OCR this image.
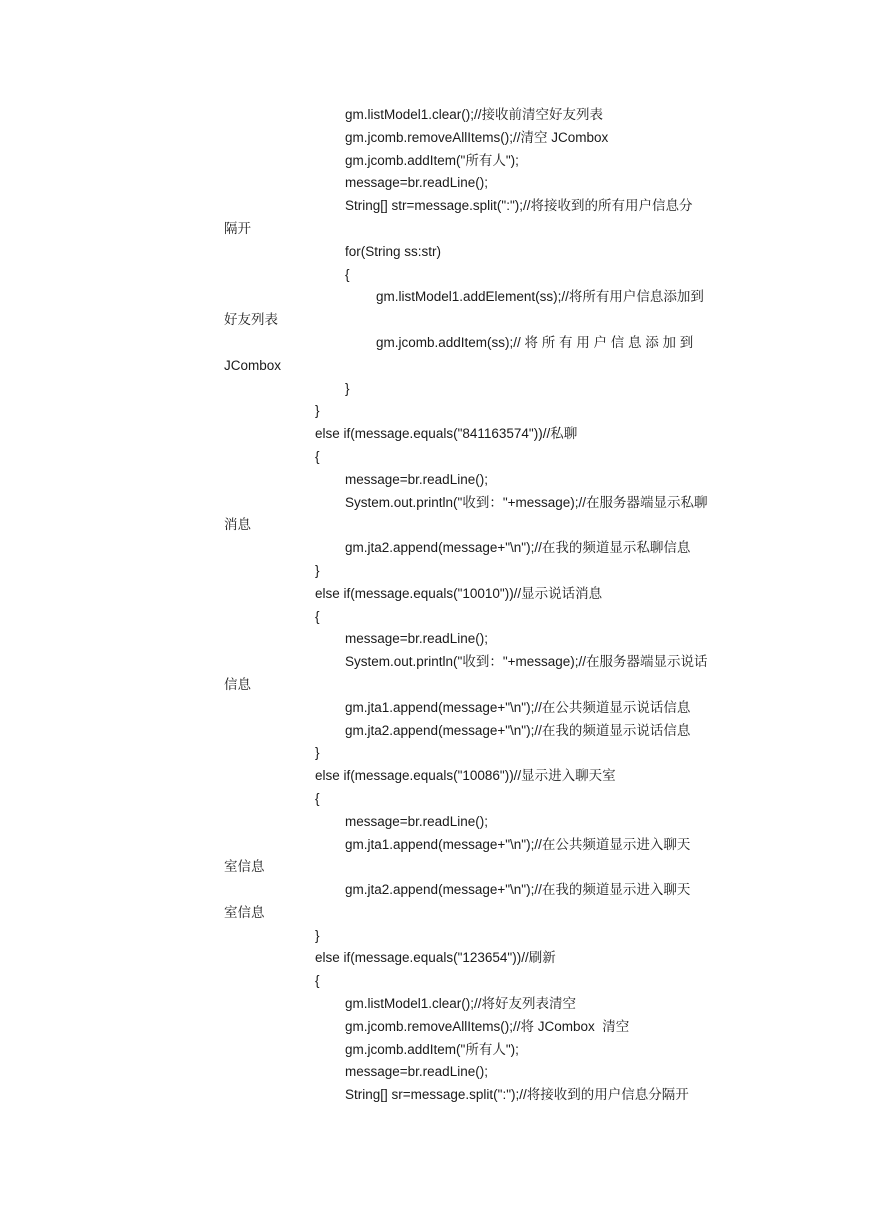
gm.listModel1.clear();//接收前清空好友列表
gm.jcomb.removeAllItems();//清空 JCombox
gm.jcomb.addItem("所有人");
message=br.readLine();
String[] str=message.split(":");//将接收到的所有用户信息分
隔开
for(String ss:str)
{
gm.listModel1.addElement(ss);//将所有用户信息添加到
好友列表
gm.jcomb.addItem(ss);// 将 所 有 用 户 信 息 添 加 到
JCombox
}
}
else if(message.equals("841163574"))//私聊
{
message=br.readLine();
System.out.println("收到："+message);//在服务器端显示私聊
消息
gm.jta2.append(message+"\n");//在我的频道显示私聊信息
}
else if(message.equals("10010"))//显示说话消息
{
message=br.readLine();
System.out.println("收到："+message);//在服务器端显示说话
信息
gm.jta1.append(message+"\n");//在公共频道显示说话信息
gm.jta2.append(message+"\n");//在我的频道显示说话信息
}
else if(message.equals("10086"))//显示进入聊天室
{
message=br.readLine();
gm.jta1.append(message+"\n");//在公共频道显示进入聊天
室信息
gm.jta2.append(message+"\n");//在我的频道显示进入聊天
室信息
}
else if(message.equals("123654"))//刷新
{
gm.listModel1.clear();//将好友列表清空
gm.jcomb.removeAllItems();//将 JCombox  清空
gm.jcomb.addItem("所有人");
message=br.readLine();
String[] sr=message.split(":");//将接收到的用户信息分隔开
